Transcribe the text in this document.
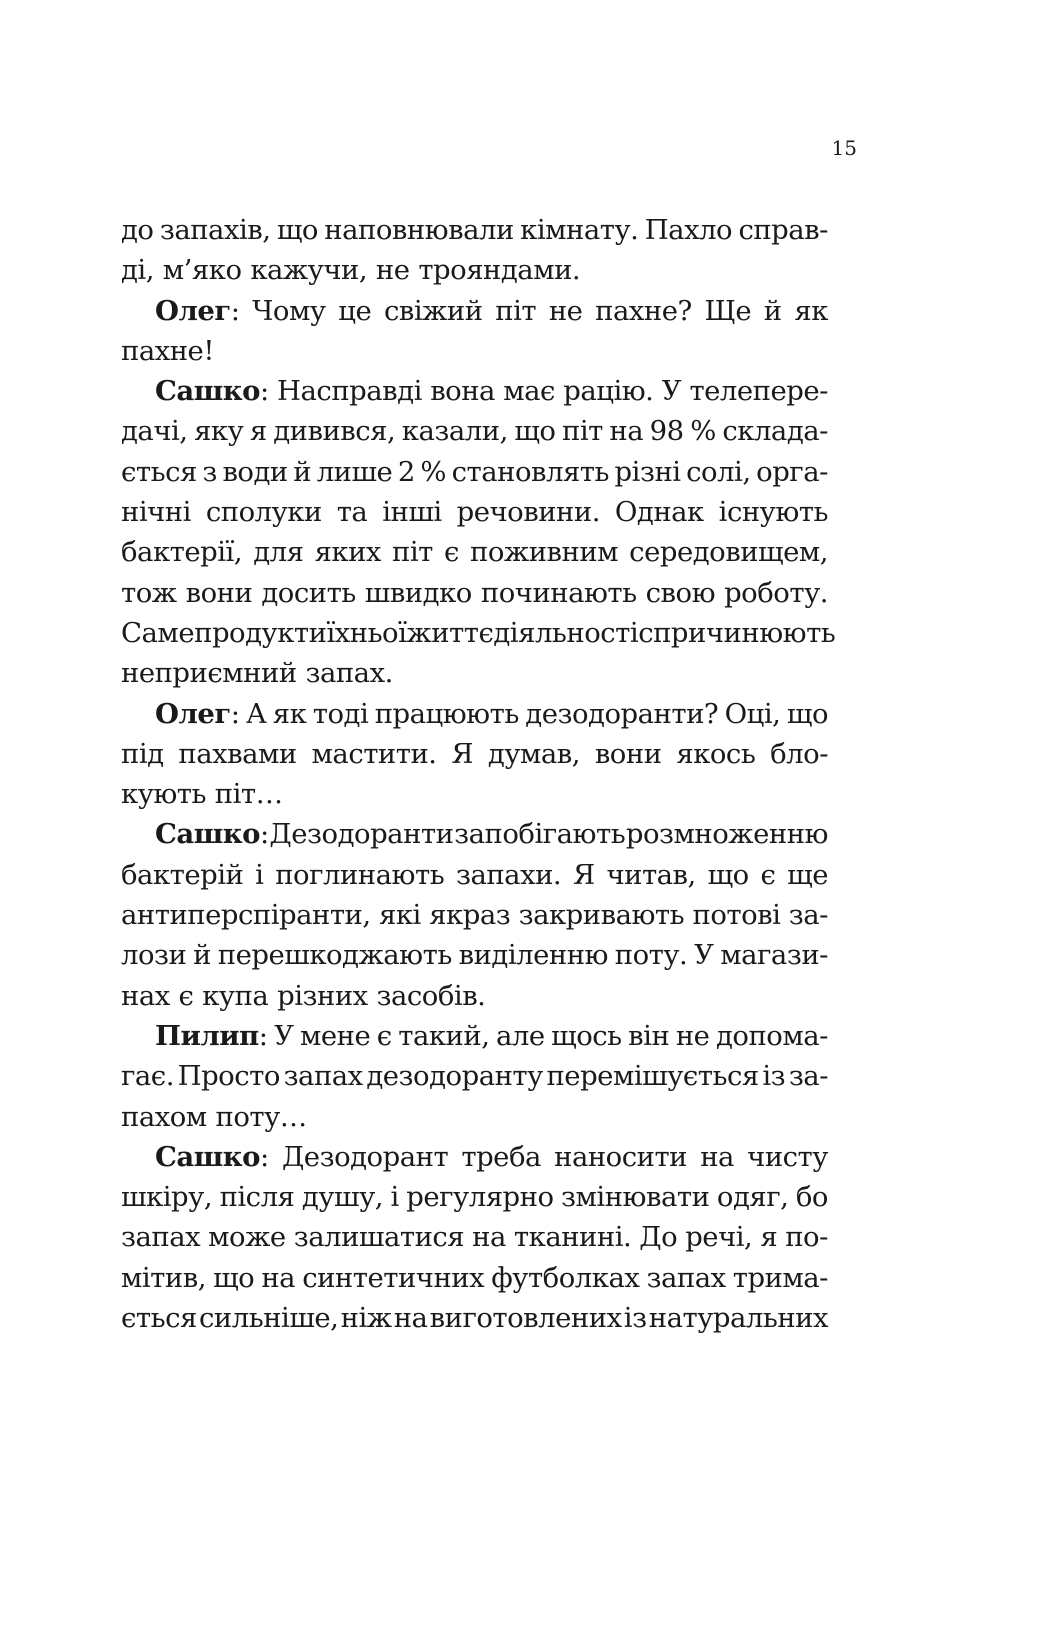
15
до запахів, що наповнювали кімнату. Пахло справ-
ді, м’яко кажучи, не трояндами.
Олег: Чому це свіжий піт не пахне? Ще й як
пахне!
Сашко: Насправді вона має рацію. У телепере-
дачі, яку я дивився, казали, що піт на 98 % склада-
ється з води й лише 2 % становлять різні солі, орга-
нічні сполуки та інші речовини. Однак існують
бактерії, для яких піт є поживним середовищем,
тож вони досить швидко починають свою роботу.
Саме продукти їхньої життєдіяльності спричинюють
неприємний запах.
Олег: А як тоді працюють дезодоранти? Оці, що
під пахвами мастити. Я думав, вони якось бло-
кують піт…
Сашко: Дезодоранти запобігають розмноженню
бактерій і поглинають запахи. Я читав, що є ще
антиперспіранти, які якраз закривають потові за-
лози й перешкоджають виділенню поту. У магази-
нах є купа різних засобів.
Пилип: У мене є такий, але щось він не допома-
гає. Просто запах дезодоранту перемішується із за-
пахом поту…
Сашко: Дезодорант треба наносити на чисту
шкіру, після душу, і регулярно змінювати одяг, бо
запах може залишатися на тканині. До речі, я по-
мітив, що на синтетичних футболках запах трима-
ється сильніше, ніж на виготовлених із натуральних
